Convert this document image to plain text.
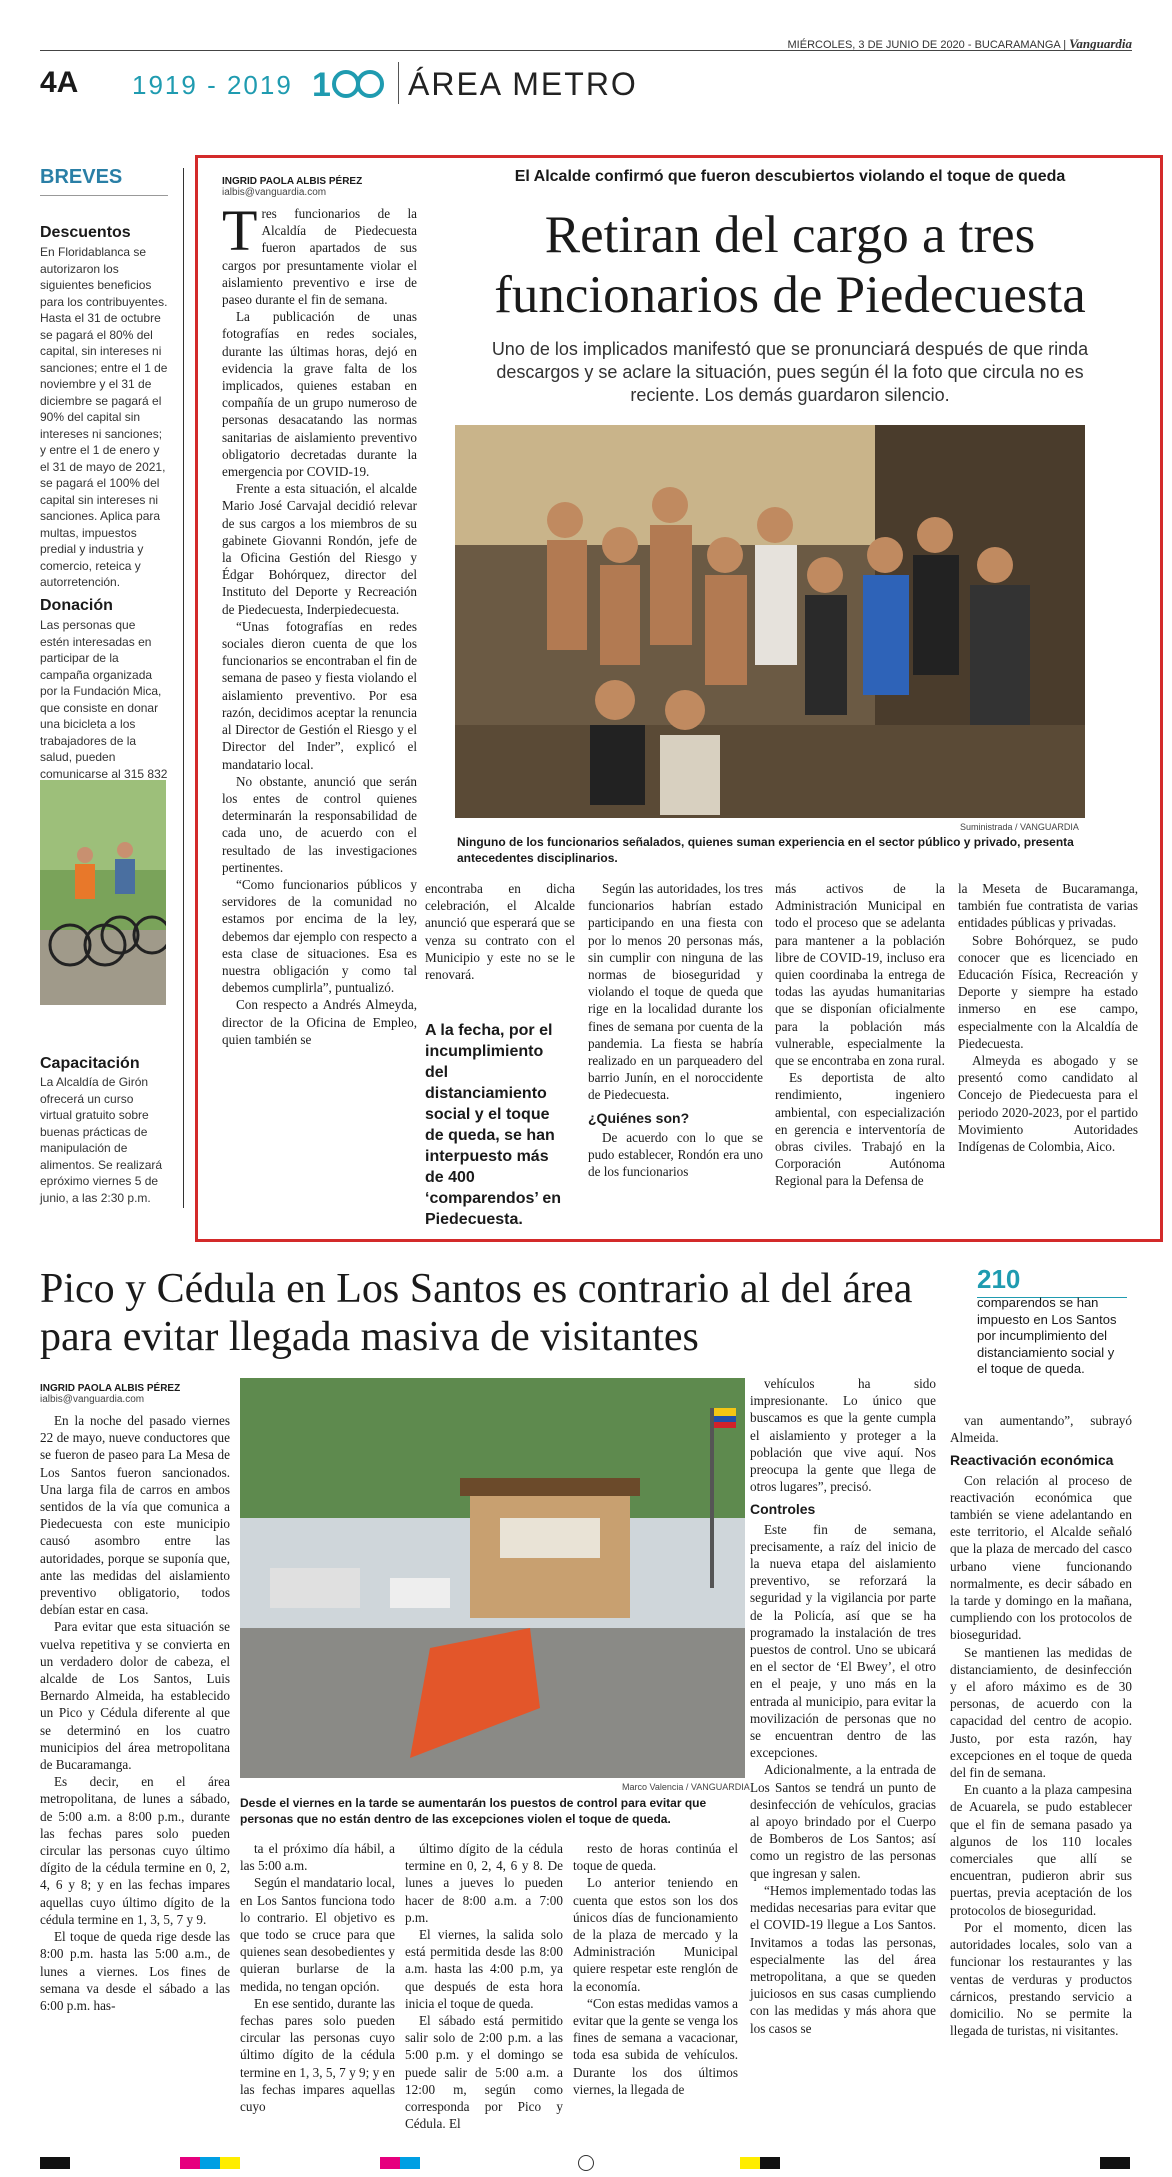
MIÉRCOLES, 3 DE JUNIO DE 2020 - BUCARAMANGA | Vanguardia
4A 1919 - 2019 1 ÁREA METRO
BREVES
Descuentos
En Floridablanca se autorizaron los siguientes beneficios para los contribuyentes. Hasta el 31 de octubre se pagará el 80% del capital, sin intereses ni sanciones; entre el 1 de noviembre y el 31 de diciembre se pagará el 90% del capital sin intereses ni sanciones; y entre el 1 de enero y el 31 de mayo de 2021, se pagará el 100% del capital sin intereses ni sanciones. Aplica para multas, impuestos predial y industria y comercio, reteica y autorretención.
Donación
Las personas que estén interesadas en participar de la campaña organizada por la Fundación Mica, que consiste en donar una bicicleta a los trabajadores de la salud, pueden comunicarse al 315 832
Capacitación
La Alcaldía de Girón ofrecerá un curso virtual gratuito sobre buenas prácticas de manipulación de alimentos. Se realizará epróximo viernes 5 de junio, a las 2:30 p.m.
INGRID PAOLA ALBIS PÉREZ
ialbis@vanguardia.com
El Alcalde confirmó que fueron descubiertos violando el toque de queda
Retiran del cargo a tres funcionarios de Piedecuesta
Uno de los implicados manifestó que se pronunciará después de que rinda descargos y se aclare la situación, pues según él la foto que circula no es reciente. Los demás guardaron silencio.
Suministrada / VANGUARDIA
Ninguno de los funcionarios señalados, quienes suman experiencia en el sector público y privado, presenta antecedentes disciplinarios.

Tres funcionarios de la Alcaldía de Piedecuesta fueron apartados de sus cargos por presuntamente violar el aislamiento preventivo e irse de paseo durante el fin de semana.

La publicación de unas fotografías en redes sociales, durante las últimas horas, dejó en evidencia la grave falta de los implicados, quienes estaban en compañía de un grupo numeroso de personas desacatando las normas sanitarias de aislamiento preventivo obligatorio decretadas durante la emergencia por COVID-19.

Frente a esta situación, el alcalde Mario José Carvajal decidió relevar de sus cargos a los miembros de su gabinete Giovanni Rondón, jefe de la Oficina Gestión del Riesgo y Édgar Bohórquez, director del Instituto del Deporte y Recreación de Piedecuesta, Inderpiedecuesta.

“Unas fotografías en redes sociales dieron cuenta de que los funcionarios se encontraban el fin de semana de paseo y fiesta violando el aislamiento preventivo. Por esa razón, decidimos aceptar la renuncia al Director de Gestión el Riesgo y el Director del Inder”, explicó el mandatario local.

No obstante, anunció que serán los entes de control quienes determinarán la responsabilidad de cada uno, de acuerdo con el resultado de las investigaciones pertinentes.

“Como funcionarios públicos y servidores de la comunidad no estamos por encima de la ley, debemos dar ejemplo con respecto a esta clase de situaciones. Esa es nuestra obligación y como tal debemos cumplirla”, puntualizó.

Con respecto a Andrés Almeyda, director de la Oficina de Empleo, quien también se

encontraba en dicha celebración, el Alcalde anunció que esperará que se venza su contrato con el Municipio y este no se le renovará.

A la fecha, por el incumplimiento del distanciamiento social y el toque de queda, se han interpuesto más de 400 ‘comparendos’ en Piedecuesta.

Según las autoridades, los tres funcionarios habrían estado participando en una fiesta con por lo menos 20 personas más, sin cumplir con ninguna de las normas de bioseguridad y violando el toque de queda que rige en la localidad durante los fines de semana por cuenta de la pandemia. La fiesta se habría realizado en un parqueadero del barrio Junín, en el noroccidente de Piedecuesta.

¿Quiénes son?

De acuerdo con lo que se pudo establecer, Rondón era uno de los funcionarios

más activos de la Administración Municipal en todo el proceso que se adelanta para mantener a la población libre de COVID-19, incluso era quien coordinaba la entrega de todas las ayudas humanitarias que se disponían oficialmente para la población más vulnerable, especialmente la que se encontraba en zona rural.

Es deportista de alto rendimiento, ingeniero ambiental, con especialización en gerencia e interventoría de obras civiles. Trabajó en la Corporación Autónoma Regional para la Defensa de

la Meseta de Bucaramanga, también fue contratista de varias entidades públicas y privadas.

Sobre Bohórquez, se pudo conocer que es licenciado en Educación Física, Recreación y Deporte y siempre ha estado inmerso en ese campo, especialmente con la Alcaldía de Piedecuesta.

Almeyda es abogado y se presentó como candidato al Concejo de Piedecuesta para el periodo 2020-2023, por el partido Movimiento Autoridades Indígenas de Colombia, Aico.

Pico y Cédula en Los Santos es contrario al del área para evitar llegada masiva de visitantes
210
comparendos se han impuesto en Los Santos por incumplimiento del distanciamiento social y el toque de queda.
INGRID PAOLA ALBIS PÉREZ
ialbis@vanguardia.com
Marco Valencia / VANGUARDIA
Desde el viernes en la tarde se aumentarán los puestos de control para evitar que personas que no están dentro de las excepciones violen el toque de queda.

En la noche del pasado viernes 22 de mayo, nueve conductores que se fueron de paseo para La Mesa de Los Santos fueron sancionados. Una larga fila de carros en ambos sentidos de la vía que comunica a Piedecuesta con este municipio causó asombro entre las autoridades, porque se suponía que, ante las medidas del aislamiento preventivo obligatorio, todos debían estar en casa.

Para evitar que esta situación se vuelva repetitiva y se convierta en un verdadero dolor de cabeza, el alcalde de Los Santos, Luis Bernardo Almeida, ha establecido un Pico y Cédula diferente al que se determinó en los cuatro municipios del área metropolitana de Bucaramanga.

Es decir, en el área metropolitana, de lunes a sábado, de 5:00 a.m. a 8:00 p.m., durante las fechas pares solo pueden circular las personas cuyo último dígito de la cédula termine en 0, 2, 4, 6 y 8; y en las fechas impares aquellas cuyo último dígito de la cédula termine en 1, 3, 5, 7 y 9.

El toque de queda rige desde las 8:00 p.m. hasta las 5:00 a.m., de lunes a viernes. Los fines de semana va desde el sábado a las 6:00 p.m. has-

ta el próximo día hábil, a las 5:00 a.m.

Según el mandatario local, en Los Santos funciona todo lo contrario. El objetivo es que todo se cruce para que quienes sean desobedientes y quieran burlarse de la medida, no tengan opción.

En ese sentido, durante las fechas pares solo pueden circular las personas cuyo último dígito de la cédula termine en 1, 3, 5, 7 y 9; y en las fechas impares aquellas cuyo

último dígito de la cédula termine en 0, 2, 4, 6 y 8. De lunes a jueves lo pueden hacer de 8:00 a.m. a 7:00 p.m.

El viernes, la salida solo está permitida desde las 8:00 a.m. hasta las 4:00 p.m, ya que después de esta hora inicia el toque de queda.

El sábado está permitido salir solo de 2:00 p.m. a las 5:00 p.m. y el domingo se puede salir de 5:00 a.m. a 12:00 m, según como corresponda por Pico y Cédula. El

resto de horas continúa el toque de queda.

Lo anterior teniendo en cuenta que estos son los dos únicos días de funcionamiento de la plaza de mercado y la Administración Municipal quiere respetar este renglón de la economía.

“Con estas medidas vamos a evitar que la gente se venga los fines de semana a vacacionar, toda esa subida de vehículos. Durante los dos últimos viernes, la llegada de

vehículos ha sido impresionante. Lo único que buscamos es que la gente cumpla el aislamiento y proteger a la población que vive aquí. Nos preocupa la gente que llega de otros lugares”, precisó.

Controles

Este fin de semana, precisamente, a raíz del inicio de la nueva etapa del aislamiento preventivo, se reforzará la seguridad y la vigilancia por parte de la Policía, así que se ha programado la instalación de tres puestos de control. Uno se ubicará en el sector de ‘El Bwey’, el otro en el peaje, y uno más en la entrada al municipio, para evitar la movilización de personas que no se encuentran dentro de las excepciones.

Adicionalmente, a la entrada de Los Santos se tendrá un punto de desinfección de vehículos, gracias al apoyo brindado por el Cuerpo de Bomberos de Los Santos; así como un registro de las personas que ingresan y salen.

“Hemos implementado todas las medidas necesarias para evitar que el COVID-19 llegue a Los Santos. Invitamos a todas las personas, especialmente las del área metropolitana, a que se queden juiciosos en sus casas cumpliendo con las medidas y más ahora que los casos se

van aumentando”, subrayó Almeida.

Reactivación económica

Con relación al proceso de reactivación económica que también se viene adelantando en este territorio, el Alcalde señaló que la plaza de mercado del casco urbano viene funcionando normalmente, es decir sábado en la tarde y domingo en la mañana, cumpliendo con los protocolos de bioseguridad.

Se mantienen las medidas de distanciamiento, de desinfección y el aforo máximo es de 30 personas, de acuerdo con la capacidad del centro de acopio. Justo, por esta razón, hay excepciones en el toque de queda del fin de semana.

En cuanto a la plaza campesina de Acuarela, se pudo establecer que el fin de semana pasado ya algunos de los 110 locales comerciales que allí se encuentran, pudieron abrir sus puertas, previa aceptación de los protocolos de bioseguridad.

Por el momento, dicen las autoridades locales, solo van a funcionar los restaurantes y las ventas de verduras y productos cárnicos, prestando servicio a domicilio. No se permite la llegada de turistas, ni visitantes.
